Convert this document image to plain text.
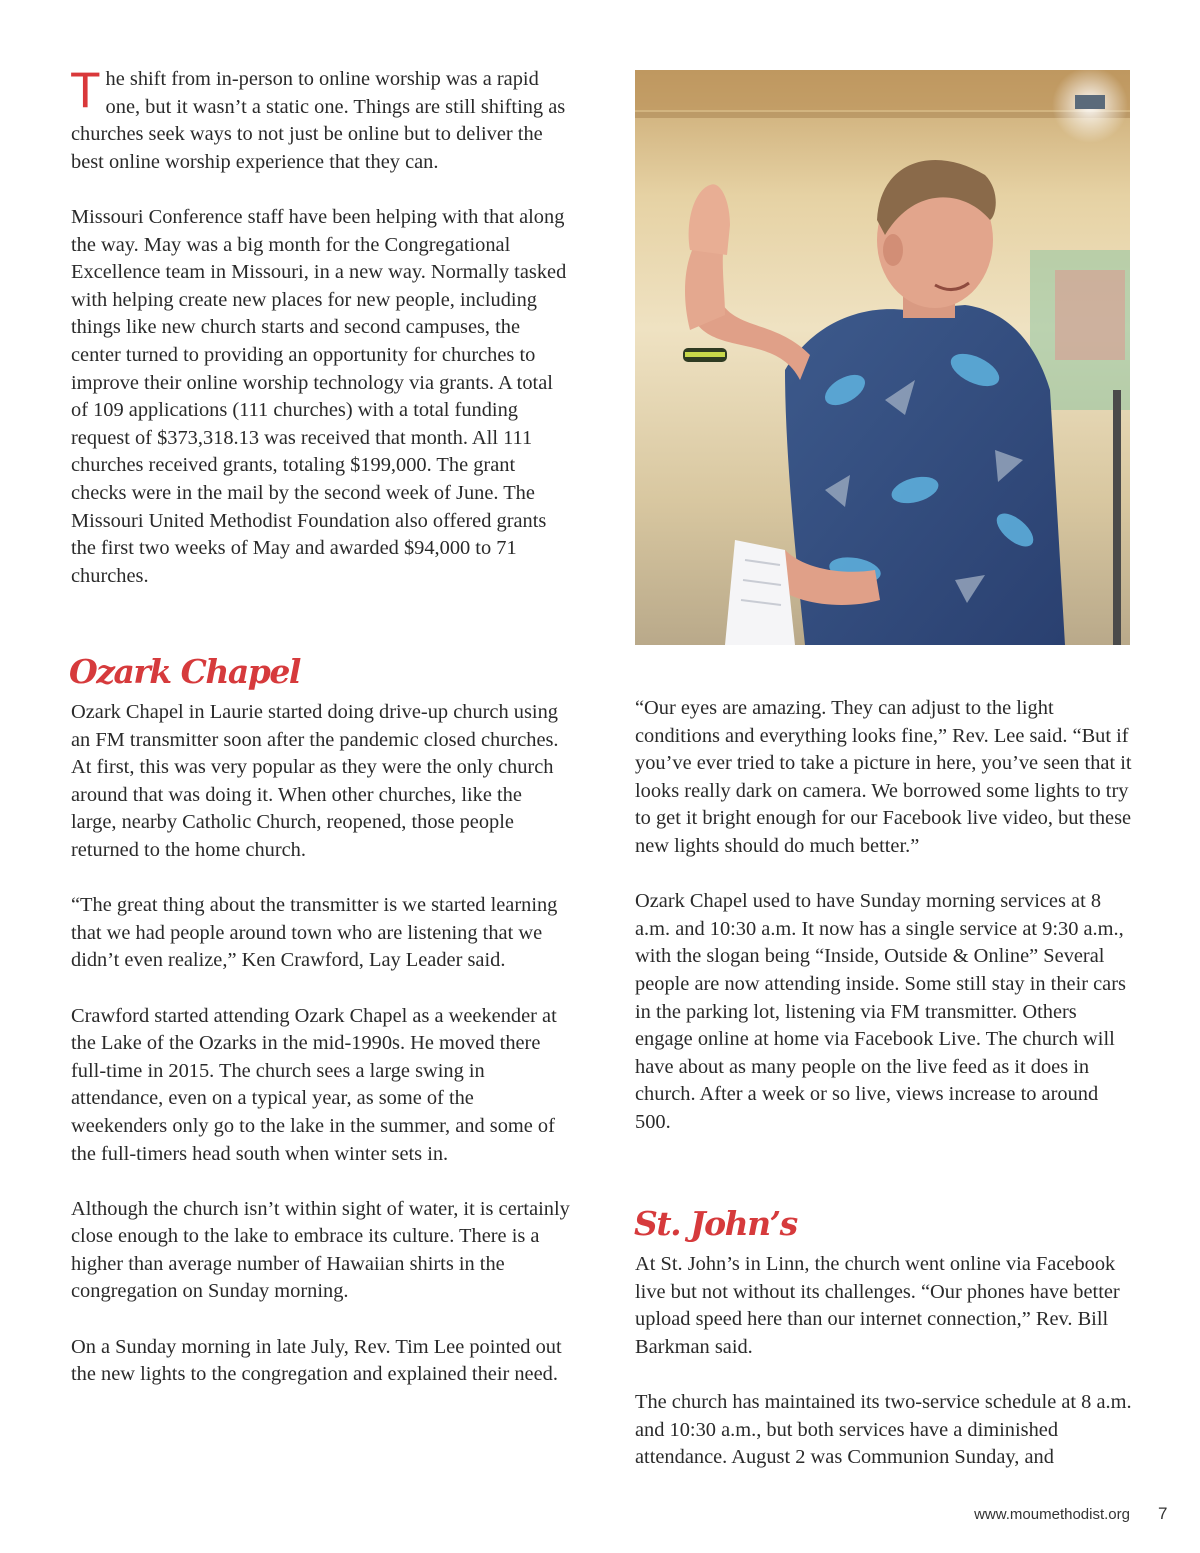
The shift from in-person to online worship was a rapid one, but it wasn’t a static one. Things are still shifting as churches seek ways to not just be online but to deliver the best online worship experience that they can.

Missouri Conference staff have been helping with that along the way. May was a big month for the Congregational Excellence team in Missouri, in a new way. Normally tasked with helping create new places for new people, including things like new church starts and second campuses, the center turned to providing an opportunity for churches to improve their online worship technology via grants. A total of 109 applications (111 churches) with a total funding request of $373,318.13 was received that month. All 111 churches received grants, totaling $199,000. The grant checks were in the mail by the second week of June. The Missouri United Methodist Foundation also offered grants the first two weeks of May and awarded $94,000 to 71 churches.

Ozark Chapel

Ozark Chapel in Laurie started doing drive-up church using an FM transmitter soon after the pandemic closed churches. At first, this was very popular as they were the only church around that was doing it. When other churches, like the large, nearby Catholic Church, reopened, those people returned to the home church.

“The great thing about the transmitter is we started learning that we had people around town who are listening that we didn’t even realize,” Ken Crawford, Lay Leader said.

Crawford started attending Ozark Chapel as a weekender at the Lake of the Ozarks in the mid-1990s. He moved there full-time in 2015. The church sees a large swing in attendance, even on a typical year, as some of the weekenders only go to the lake in the summer, and some of the full-timers head south when winter sets in.

Although the church isn’t within sight of water, it is certainly close enough to the lake to embrace its culture. There is a higher than average number of Hawaiian shirts in the congregation on Sunday morning.

On a Sunday morning in late July, Rev. Tim Lee pointed out the new lights to the congregation and explained their need.

“Our eyes are amazing. They can adjust to the light conditions and everything looks fine,” Rev. Lee said. “But if you’ve ever tried to take a picture in here, you’ve seen that it looks really dark on camera. We borrowed some lights to try to get it bright enough for our Facebook live video, but these new lights should do much better.”

Ozark Chapel used to have Sunday morning services at 8 a.m. and 10:30 a.m. It now has a single service at 9:30 a.m., with the slogan being “Inside, Outside & Online” Several people are now attending inside. Some still stay in their cars in the parking lot, listening via FM transmitter. Others engage online at home via Facebook Live. The church will have about as many people on the live feed as it does in church. After a week or so live, views increase to around 500.

St. John’s

At St. John’s in Linn, the church went online via Facebook live but not without its challenges. “Our phones have better upload speed here than our internet connection,” Rev. Bill Barkman said.

The church has maintained its two-service schedule at 8 a.m. and 10:30 a.m., but both services have a diminished attendance. August 2 was Communion Sunday, and

www.moumethodist.org 7
